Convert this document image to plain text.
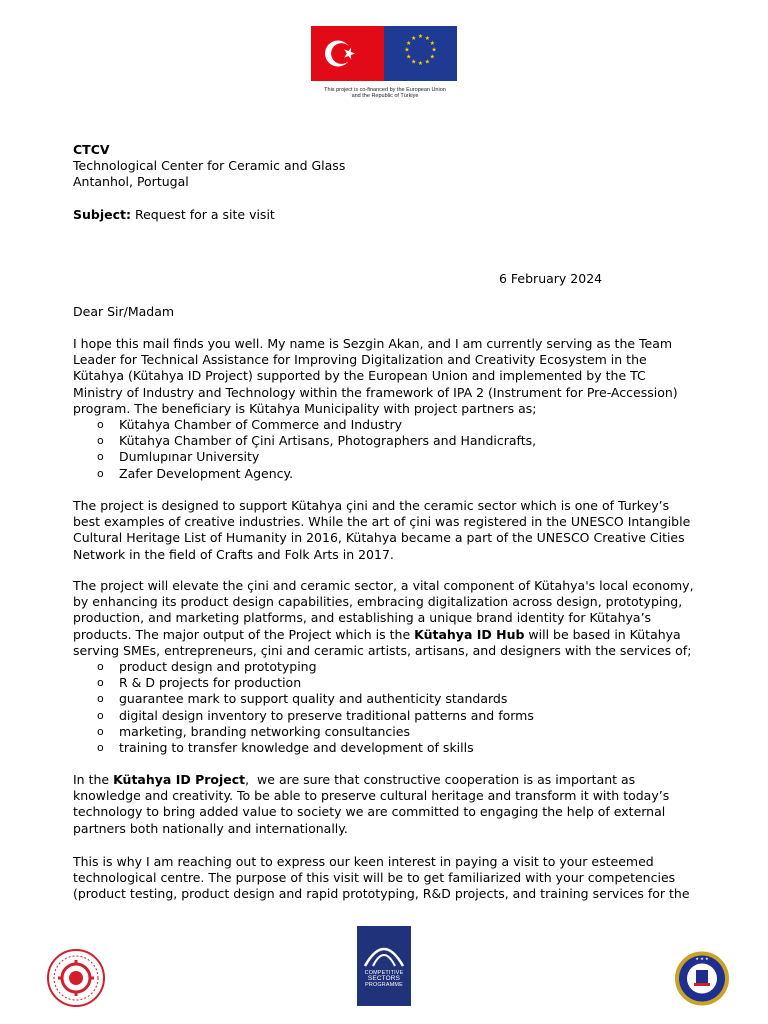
★ ★
★
★
★
★
★
★
★
★
★
★
This project is co-financed by the European Union
and the Republic of Türkiye
CTCV
Technological Center for Ceramic and Glass
Antanhol, Portugal
Subject: Request for a site visit
6 February 2024
Dear Sir/Madam
I hope this mail finds you well. My name is Sezgin Akan, and I am currently serving as the Team
Leader for Technical Assistance for Improving Digitalization and Creativity Ecosystem in the
Kütahya (Kütahya ID Project) supported by the European Union and implemented by the TC
Ministry of Industry and Technology within the framework of IPA 2 (Instrument for Pre-Accession)
program. The beneficiary is Kütahya Municipality with project partners as;
o Kütahya Chamber of Commerce and Industry
o Kütahya Chamber of Çini Artisans, Photographers and Handicrafts,
o Dumlupınar University
o Zafer Development Agency.
The project is designed to support Kütahya çini and the ceramic sector which is one of Turkey’s
best examples of creative industries. While the art of çini was registered in the UNESCO Intangible
Cultural Heritage List of Humanity in 2016, Kütahya became a part of the UNESCO Creative Cities
Network in the field of Crafts and Folk Arts in 2017.
The project will elevate the çini and ceramic sector, a vital component of Kütahya's local economy,
by enhancing its product design capabilities, embracing digitalization across design, prototyping,
production, and marketing platforms, and establishing a unique brand identity for Kütahya’s
products. The major output of the Project which is the Kütahya ID Hub will be based in Kütahya
serving SMEs, entrepreneurs, çini and ceramic artists, artisans, and designers with the services of;
o product design and prototyping
o R & D projects for production
o guarantee mark to support quality and authenticity standards
o digital design inventory to preserve traditional patterns and forms
o marketing, branding networking consultancies
o training to transfer knowledge and development of skills
In the Kütahya ID Project,  we are sure that constructive cooperation is as important as
knowledge and creativity. To be able to preserve cultural heritage and transform it with today’s
technology to bring added value to society we are committed to engaging the help of external
partners both nationally and internationally.
This is why I am reaching out to express our keen interest in paying a visit to your esteemed
technological centre. The purpose of this visit will be to get familiarized with your competencies
(product testing, product design and rapid prototyping, R&D projects, and training services for the
COMPETITIVE
SECTORS
PROGRAMME
★ ★ ★
